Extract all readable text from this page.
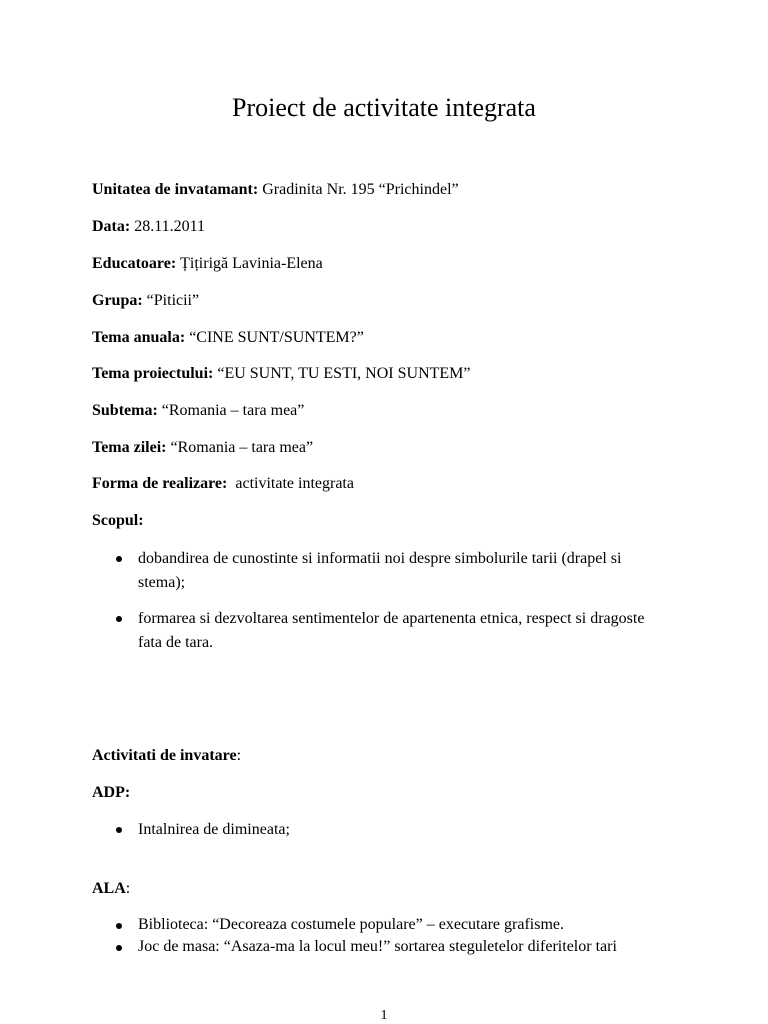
Proiect de activitate integrata
Unitatea de invatamant: Gradinita Nr. 195 “Prichindel”
Data: 28.11.2011
Educatoare: Țițirigă Lavinia-Elena
Grupa: “Piticii”
Tema anuala: “CINE SUNT/SUNTEM?”
Tema proiectului: “EU SUNT, TU ESTI, NOI SUNTEM”
Subtema: “Romania – tara mea”
Tema zilei: “Romania – tara mea”
Forma de realizare:  activitate integrata
Scopul:
dobandirea de cunostinte si informatii noi despre simbolurile tarii (drapel si stema);
formarea si dezvoltarea sentimentelor de apartenenta etnica, respect si dragoste fata de tara.
Activitati de invatare:
ADP:
Intalnirea de dimineata;
ALA:
Biblioteca: “Decoreaza costumele populare” – executare grafisme.
Joc de masa: “Asaza-ma la locul meu!” sortarea steguletelor diferitelor tari
1
